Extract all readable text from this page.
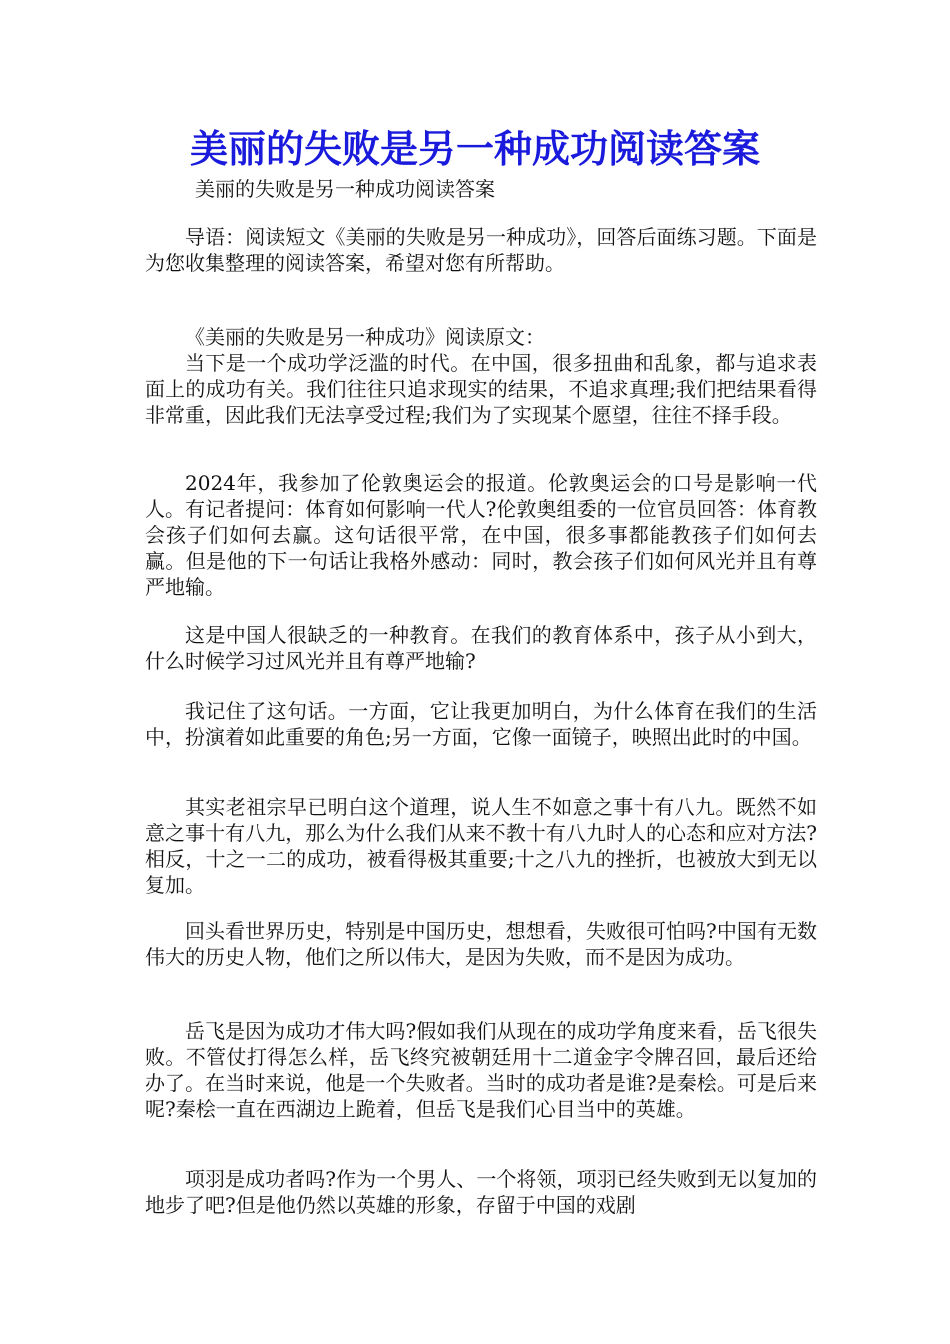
美丽的失败是另一种成功阅读答案
美丽的失败是另一种成功阅读答案

导语：阅读短文《美丽的失败是另一种成功》，回答后面练习题。下面是为您收集整理的阅读答案，希望对您有所帮助。

《美丽的失败是另一种成功》阅读原文：

当下是一个成功学泛滥的时代。在中国，很多扭曲和乱象，都与追求表面上的成功有关。我们往往只追求现实的结果，不追求真理;我们把结果看得非常重，因此我们无法享受过程;我们为了实现某个愿望，往往不择手段。

2024年，我参加了伦敦奥运会的报道。伦敦奥运会的口号是影响一代人。有记者提问：体育如何影响一代人?伦敦奥组委的一位官员回答：体育教会孩子们如何去赢。这句话很平常，在中国，很多事都能教孩子们如何去赢。但是他的下一句话让我格外感动：同时，教会孩子们如何风光并且有尊严地输。

这是中国人很缺乏的一种教育。在我们的教育体系中，孩子从小到大，什么时候学习过风光并且有尊严地输?

我记住了这句话。一方面，它让我更加明白，为什么体育在我们的生活中，扮演着如此重要的角色;另一方面，它像一面镜子，映照出此时的中国。

其实老祖宗早已明白这个道理，说人生不如意之事十有八九。既然不如意之事十有八九，那么为什么我们从来不教十有八九时人的心态和应对方法?相反，十之一二的成功，被看得极其重要;十之八九的挫折，也被放大到无以复加。

回头看世界历史，特别是中国历史，想想看，失败很可怕吗?中国有无数伟大的历史人物，他们之所以伟大，是因为失败，而不是因为成功。

岳飞是因为成功才伟大吗?假如我们从现在的成功学角度来看，岳飞很失败。不管仗打得怎么样，岳飞终究被朝廷用十二道金字令牌召回，最后还给办了。在当时来说，他是一个失败者。当时的成功者是谁?是秦桧。可是后来呢?秦桧一直在西湖边上跪着，但岳飞是我们心目当中的英雄。

项羽是成功者吗?作为一个男人、一个将领，项羽已经失败到无以复加的地步了吧?但是他仍然以英雄的形象，存留于中国的戏剧
